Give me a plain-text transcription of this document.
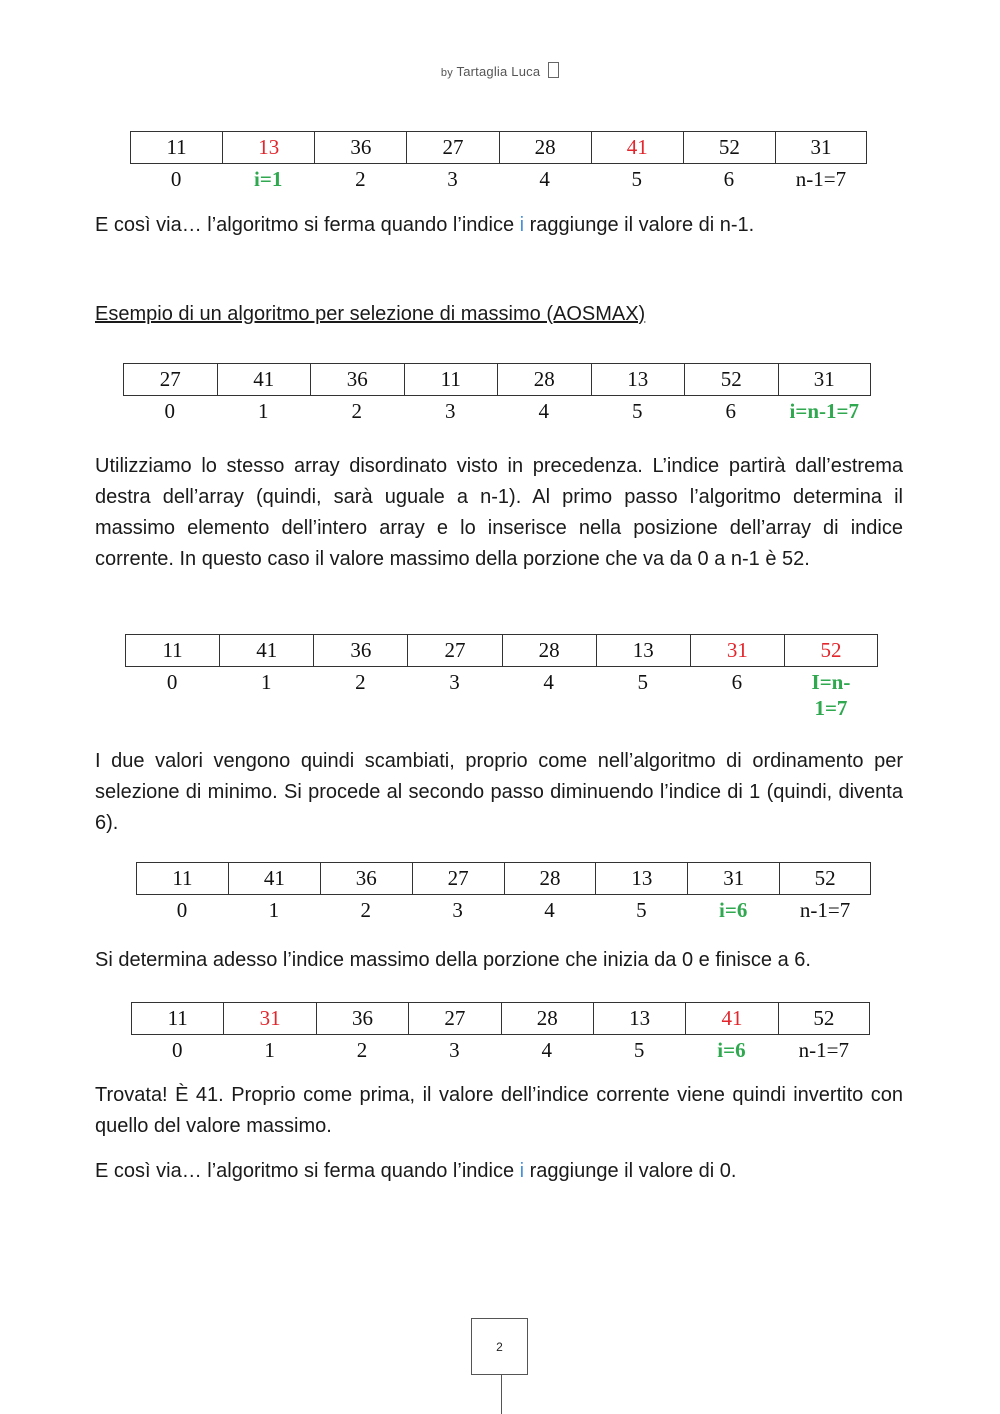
by Tartaglia Luca
11	13	36	27	28	41	52	31
0	i=1	2	3	4	5	6	n-1=7
E così via… l’algoritmo si ferma quando l’indice i raggiunge il valore di n-1.
Esempio di un algoritmo per selezione di massimo (AOSMAX)
27	41	36	11	28	13	52	31
0	1	2	3	4	5	6	i=n-1=7
Utilizziamo lo stesso array disordinato visto in precedenza. L’indice partirà dall’estrema destra dell’array (quindi, sarà uguale a n-1). Al primo passo l’algoritmo determina il massimo elemento dell’intero array e lo inserisce nella posizione dell’array di indice corrente. In questo caso il valore massimo della porzione che va da 0 a n-1 è 52.
11	41	36	27	28	13	31	52
0	1	2	3	4	5	6	I=n-1=7
I due valori vengono quindi scambiati, proprio come nell’algoritmo di ordinamento per selezione di minimo. Si procede al secondo passo diminuendo l’indice di 1 (quindi, diventa 6).
11	41	36	27	28	13	31	52
0	1	2	3	4	5	i=6	n-1=7
Si determina adesso l’indice massimo della porzione che inizia da 0 e finisce a 6.
11	31	36	27	28	13	41	52
0	1	2	3	4	5	i=6	n-1=7
Trovata! È 41. Proprio come prima, il valore dell’indice corrente viene quindi invertito con quello del valore massimo.
E così via… l’algoritmo si ferma quando l’indice i raggiunge il valore di 0.
2
